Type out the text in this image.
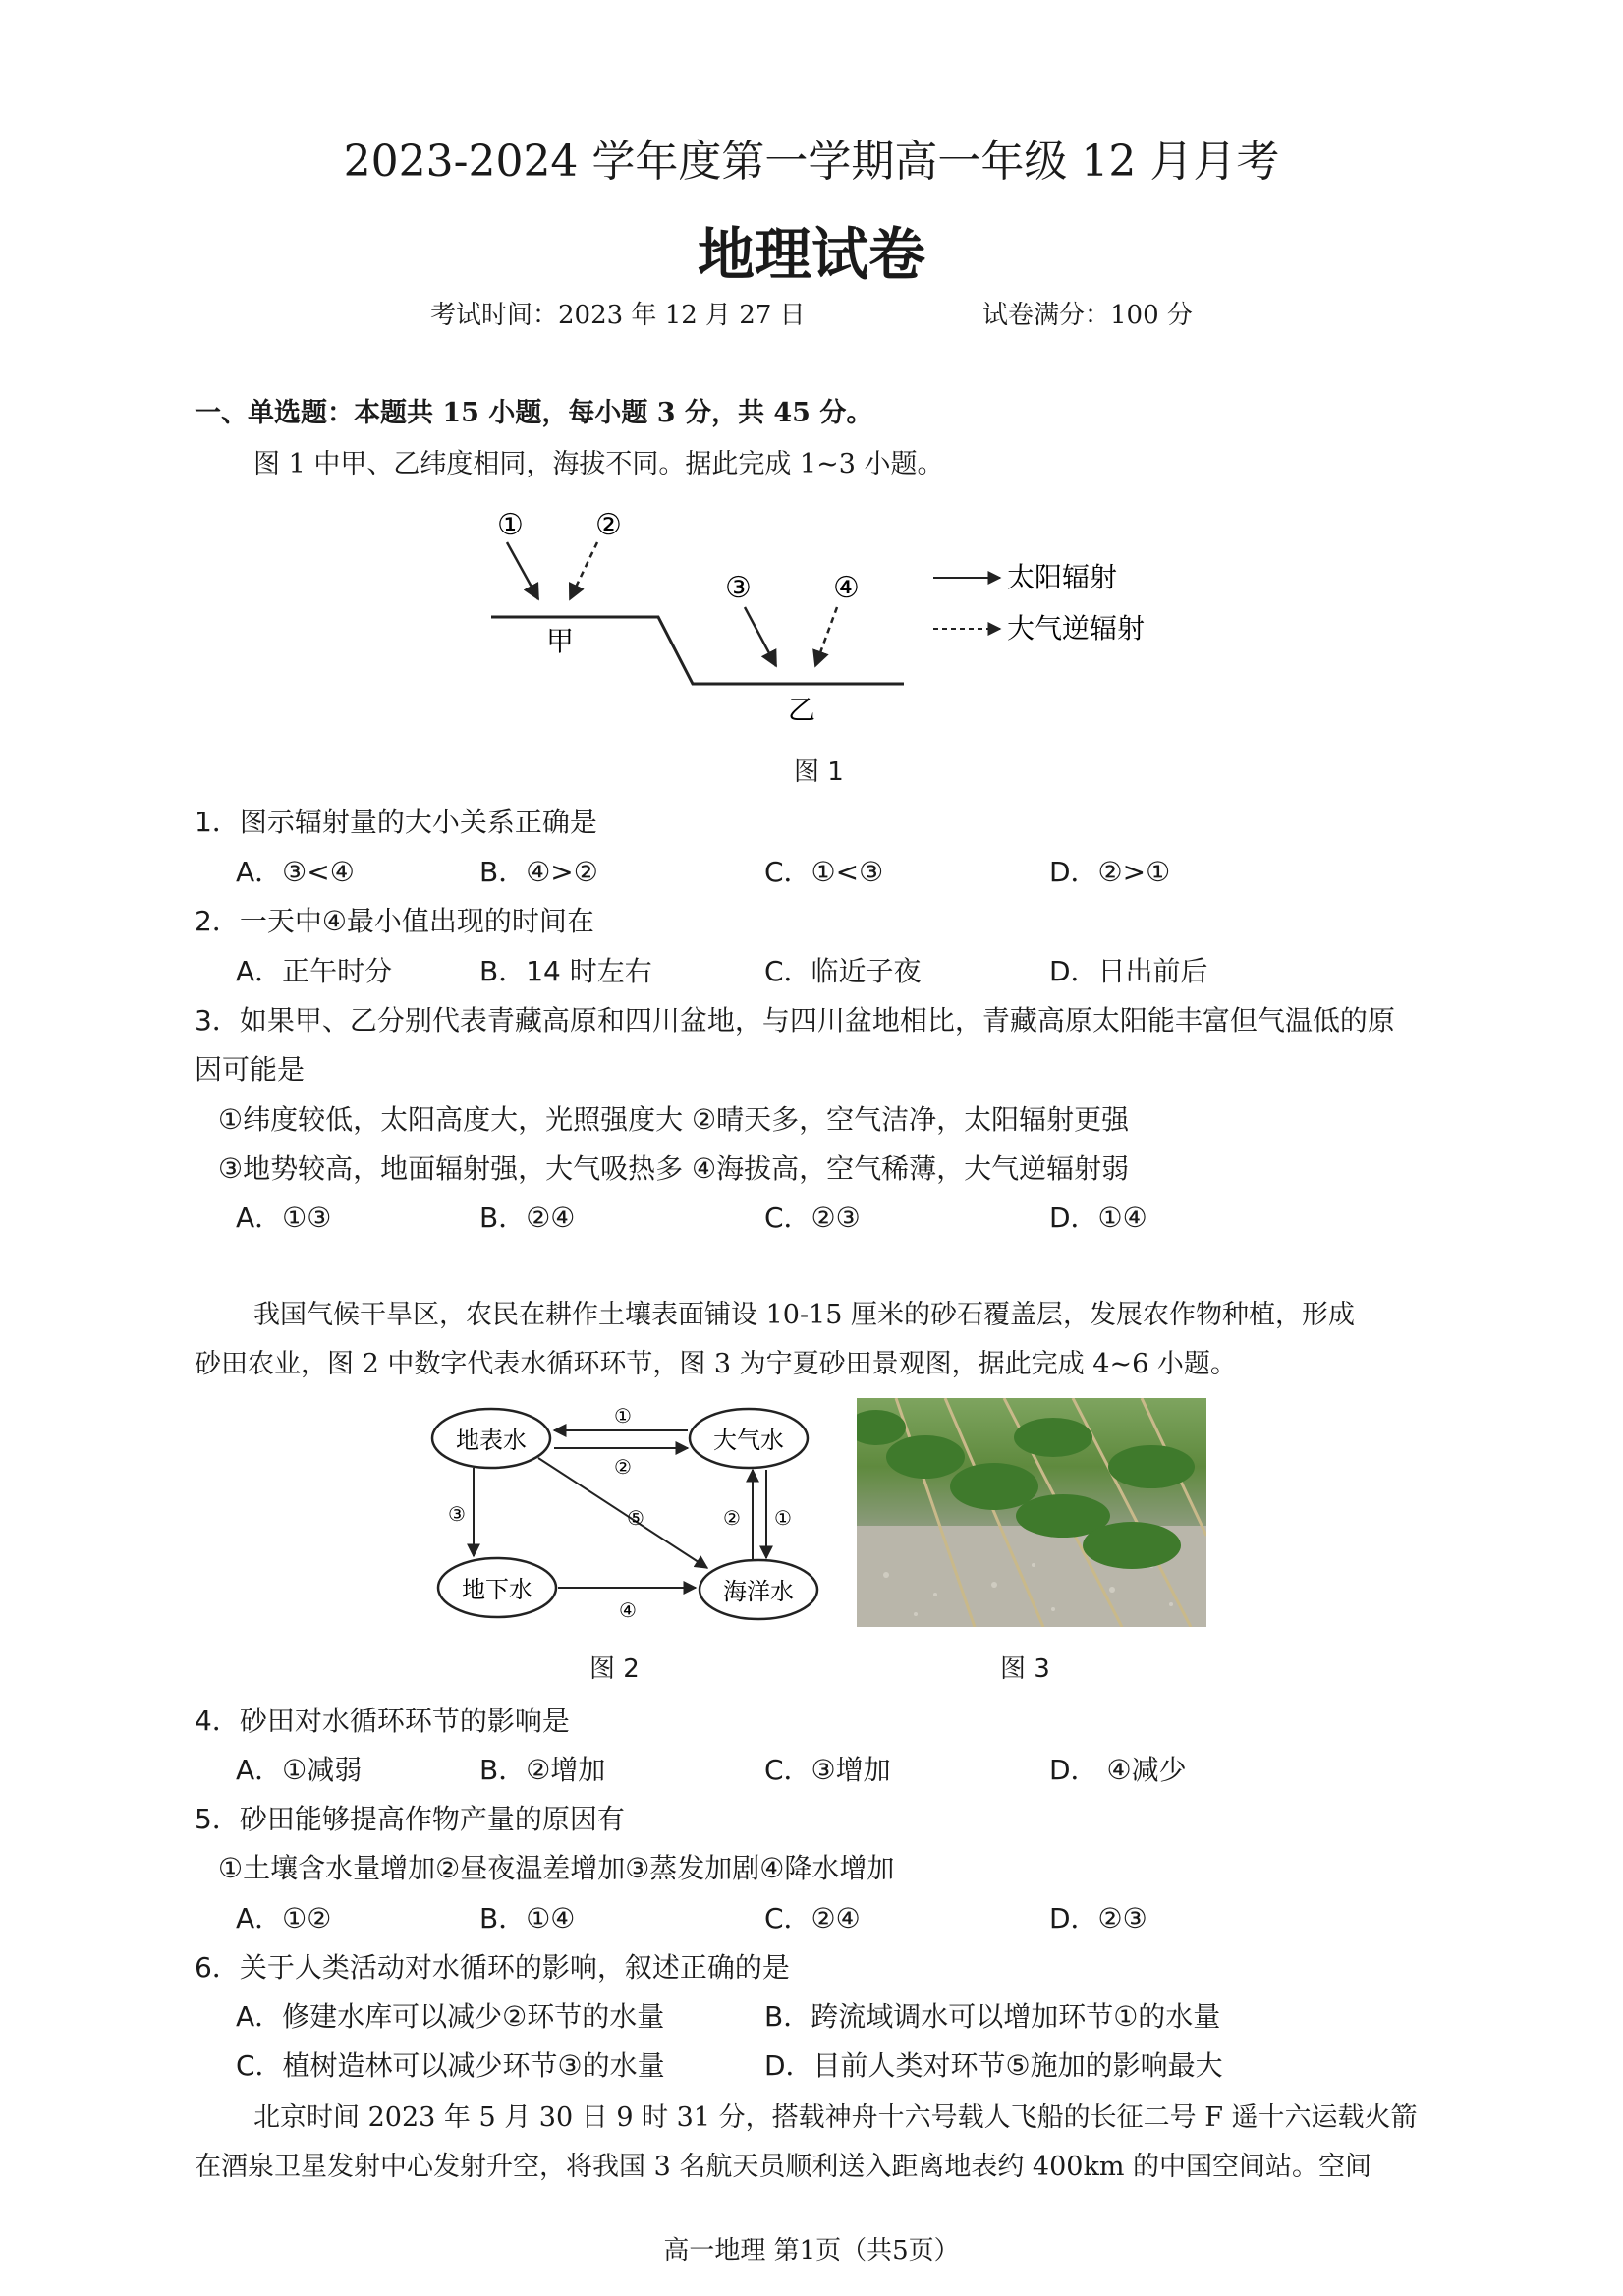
2023-2024 学年度第一学期高一年级 12 月月考
地理试卷
考试时间：2023 年 12 月 27 日	试卷满分：100 分
一、单选题：本题共 15 小题，每小题 3 分，共 45 分。
图 1 中甲、乙纬度相同，海拔不同。据此完成 1~3 小题。
① ②
③	④
甲
乙
太阳辐射
大气逆辐射
图 1
1．图示辐射量的大小关系正确是
A．③<④	B．④>②	C．①<③	D．②>①
2．一天中④最小值出现的时间在
A．正午时分	B．14 时左右	C．临近子夜	D．日出前后
3．如果甲、乙分别代表青藏高原和四川盆地，与四川盆地相比，青藏高原太阳能丰富但气温低的原
因可能是
①纬度较低，太阳高度大，光照强度大 ②晴天多，空气洁净，太阳辐射更强
③地势较高，地面辐射强，大气吸热多 ④海拔高，空气稀薄，大气逆辐射弱
A．①③	B．②④	C．②③	D．①④
我国气候干旱区，农民在耕作土壤表面铺设 10-15 厘米的砂石覆盖层，发展农作物种植，形成
砂田农业，图 2 中数字代表水循环环节，图 3 为宁夏砂田景观图，据此完成 4~6 小题。
地表水	大气水
地下水	海洋水
①
②
③	⑤	② ①
④
图 2	图 3
4．砂田对水循环环节的影响是
A．①减弱	B．②增加	C．③增加	D． ④减少
5．砂田能够提高作物产量的原因有
①土壤含水量增加②昼夜温差增加③蒸发加剧④降水增加
A．①②	B．①④	C．②④	D．②③
6．关于人类活动对水循环的影响，叙述正确的是
A．修建水库可以减少②环节的水量	B．跨流域调水可以增加环节①的水量
C．植树造林可以减少环节③的水量	D．目前人类对环节⑤施加的影响最大
北京时间 2023 年 5 月 30 日 9 时 31 分，搭载神舟十六号载人飞船的长征二号 F 遥十六运载火箭
在酒泉卫星发射中心发射升空，将我国 3 名航天员顺利送入距离地表约 400km 的中国空间站。空间
高一地理 第1页（共5页）
